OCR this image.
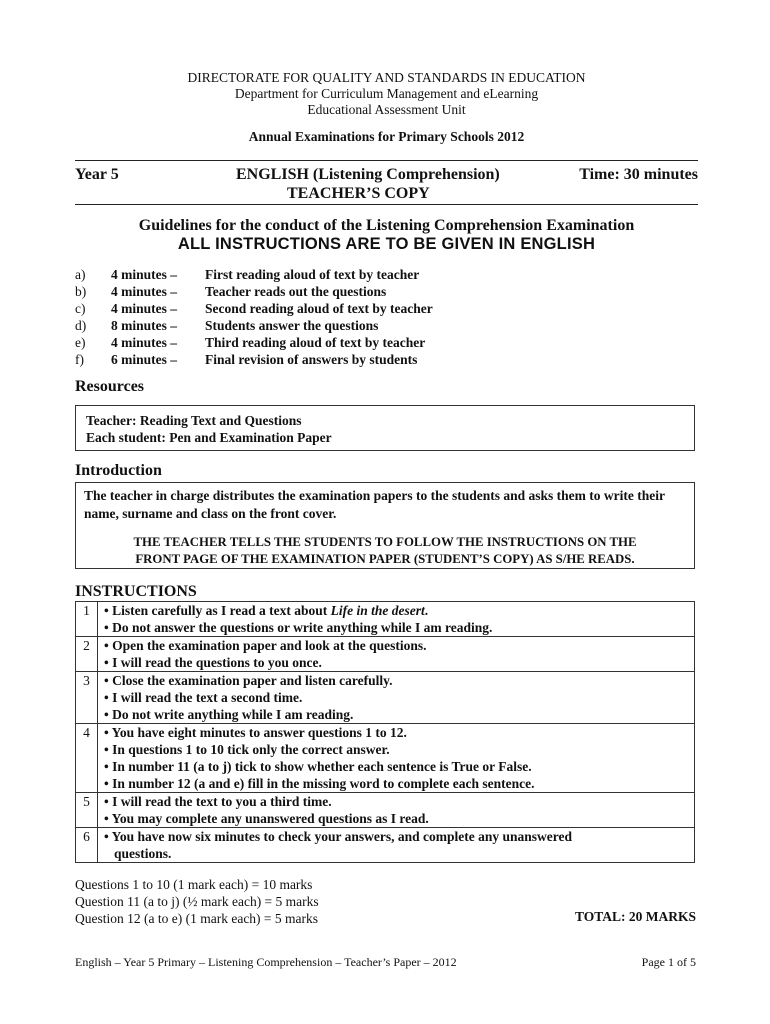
DIRECTORATE FOR QUALITY AND STANDARDS IN EDUCATION
Department for Curriculum Management and eLearning
Educational Assessment Unit
Annual Examinations for Primary Schools 2012
Year 5	ENGLISH (Listening Comprehension)
TEACHER’S COPY
Time: 30 minutes
Guidelines for the conduct of the Listening Comprehension Examination
ALL INSTRUCTIONS ARE TO BE GIVEN IN ENGLISH
a) 4 minutes – First reading aloud of text by teacher
b) 4 minutes – Teacher reads out the questions
c) 4 minutes – Second reading aloud of text by teacher
d) 8 minutes – Students answer the questions
e) 4 minutes – Third reading aloud of text by teacher
f) 6 minutes – Final revision of answers by students
Resources
Teacher: Reading Text and Questions
Each student: Pen and Examination Paper
Introduction
The teacher in charge distributes the examination papers to the students and asks them to write their name, surname and class on the front cover.
THE TEACHER TELLS THE STUDENTS TO FOLLOW THE INSTRUCTIONS ON THE
FRONT PAGE OF THE EXAMINATION PAPER (STUDENT’S COPY) AS S/HE READS.
INSTRUCTIONS
1	• Listen carefully as I read a text about Life in the desert.
• Do not answer the questions or write anything while I am reading.

2	• Open the examination paper and look at the questions.
• I will read the questions to you once.

3	• Close the examination paper and listen carefully.
• I will read the text a second time.
• Do not write anything while I am reading.

4	• You have eight minutes to answer questions 1 to 12.
• In questions 1 to 10 tick only the correct answer.
• In number 11 (a to j) tick to show whether each sentence is True or False.
• In number 12 (a and e) fill in the missing word to complete each sentence.

5	• I will read the text to you a third time.
• You may complete any unanswered questions as I read.

6	• You have now six minutes to check your answers, and complete any unanswered
questions.
Questions 1 to 10 (1 mark each) = 10 marks
Question 11 (a to j) (½ mark each) = 5 marks
Question 12 (a to e) (1 mark each) = 5 marks	TOTAL: 20 MARKS
English – Year 5 Primary – Listening Comprehension – Teacher’s Paper – 2012	Page 1 of 5
